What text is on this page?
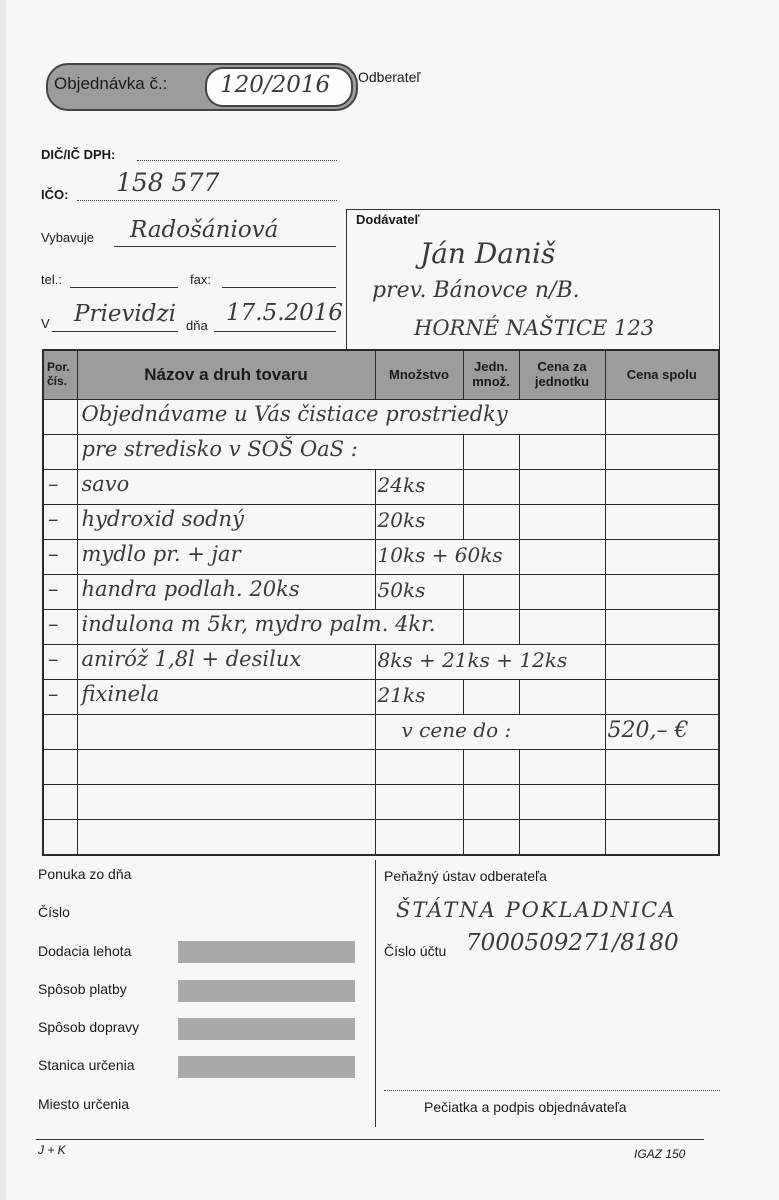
Objednávka č.: 120/2016 Odberateľ
DIČ/IČ DPH:
IČO: 158 577
Vybavuje Radošániová
tel.:	fax:
V Prievidzi dňa 17.5.2016
Dodávateľ
Ján Daniš
prev. Bánovce n/B.
HORNÉ NAŠTICE 123
Por. čís.	Názov a druh tovaru	Množstvo	Jedn. množ.	Cena za jednotku	Cena spolu

	Objednávame u Vás čistiace prostriedky				

	pre stredisko v SOŠ OaS :				

–	savo	24ks			

–	hydroxid sodný	20ks			

–	mydlo pr. + jar	10ks + 60ks			

–	handra podlah. 20ks	50ks			

–	indulona m 5kr, mydro palm. 4kr.				

–	aniróž 1,8l + desilux	8ks + 21ks + 12ks			

–	fixinela	21ks			

		v cene do :			520,– €

Ponuka zo dňa
Číslo
Dodacia lehota
Spôsob platby
Spôsob dopravy
Stanica určenia
Miesto určenia
Peňažný ústav odberateľa
ŠTÁTNA POKLADNICA
Číslo účtu 7000509271/8180
Pečiatka a podpis objednávateľa
J + K	IGAZ 150
